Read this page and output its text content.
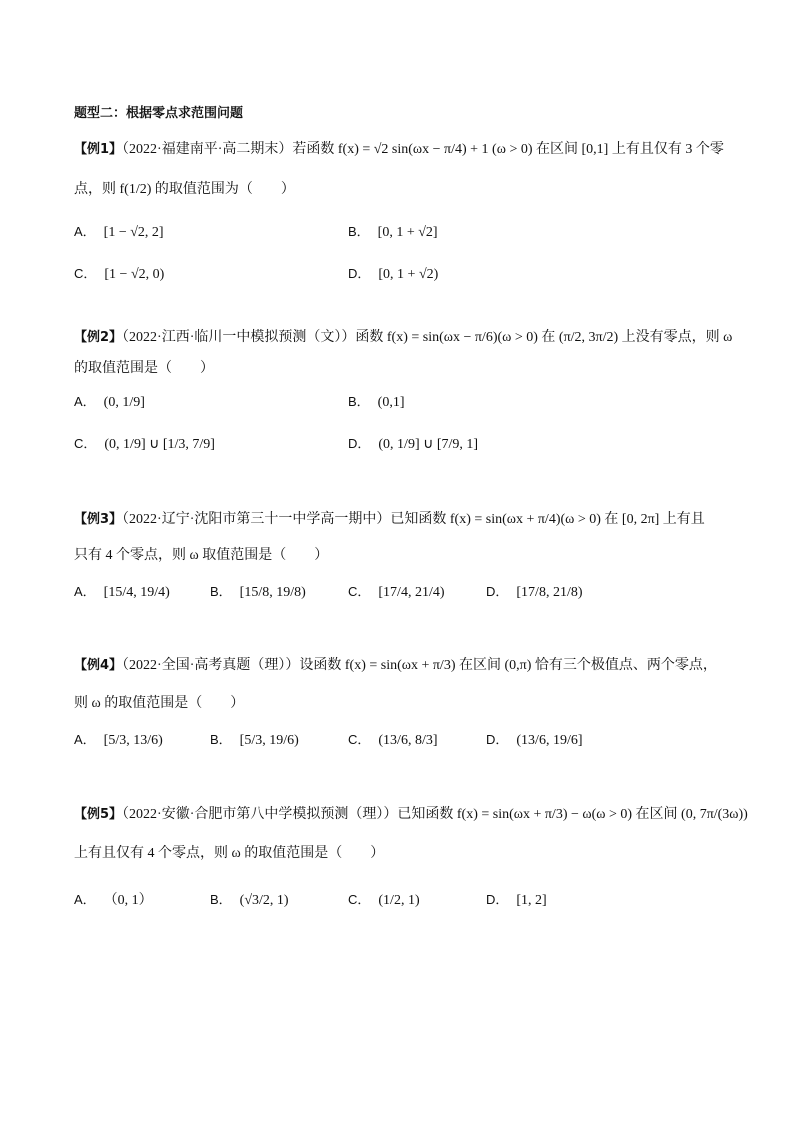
题型二：根据零点求范围问题
【例1】（2022·福建南平·高二期末）若函数 f(x) = √2 sin(ωx − π/4) + 1 (ω > 0) 在区间 [0,1] 上有且仅有 3 个零
点，则 f(1/2) 的取值范围为（　　）
A． [1 − √2, 2]	B． [0, 1 + √2]
C． [1 − √2, 0)	D． [0, 1 + √2)
【例2】（2022·江西·临川一中模拟预测（文））函数 f(x) = sin(ωx − π/6)(ω > 0) 在 (π/2, 3π/2) 上没有零点，则 ω
的取值范围是（　　）
A． (0, 1/9]	B． (0,1]
C． (0, 1/9] ∪ [1/3, 7/9]	D． (0, 1/9] ∪ [7/9, 1]
【例3】（2022·辽宁·沈阳市第三十一中学高一期中）已知函数 f(x) = sin(ωx + π/4)(ω > 0) 在 [0, 2π] 上有且
只有 4 个零点，则 ω 取值范围是（　　）
A． [15/4, 19/4)	B． [15/8, 19/8)	C． [17/4, 21/4)	D． [17/8, 21/8)
【例4】（2022·全国·高考真题（理））设函数 f(x) = sin(ωx + π/3) 在区间 (0,π) 恰有三个极值点、两个零点，
则 ω 的取值范围是（　　）
A． [5/3, 13/6)	B． [5/3, 19/6)	C． (13/6, 8/3]	D． (13/6, 19/6]
【例5】（2022·安徽·合肥市第八中学模拟预测（理））已知函数 f(x) = sin(ωx + π/3) − ω(ω > 0) 在区间 (0, 7π/(3ω))
上有且仅有 4 个零点，则 ω 的取值范围是（　　）
A． （0, 1）	B． (√3/2, 1)	C． (1/2, 1)	D． [1, 2]
